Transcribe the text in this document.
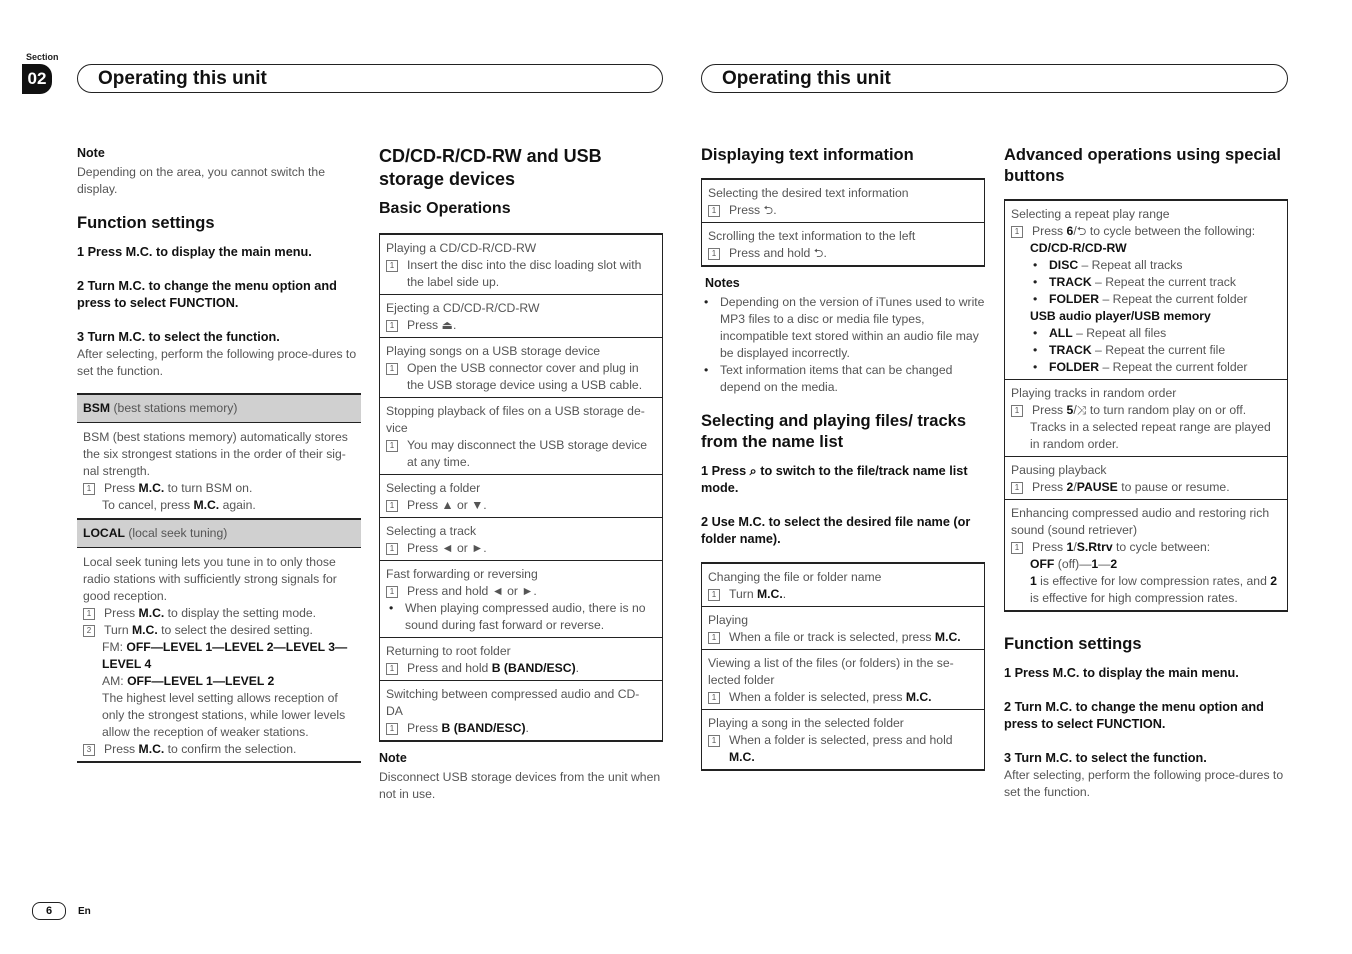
Section
02	Operating this unit	Operating this unit
Note
Depending on the area, you cannot switch the display.
Function settings
1 Press M.C. to display the main menu.
2 Turn M.C. to change the menu option and press to select FUNCTION.
3 Turn M.C. to select the function.
After selecting, perform the following proce-dures to set the function.
BSM (best stations memory)
BSM (best stations memory) automatically stores the six strongest stations in the order of their sig-nal strength.
1	Press M.C. to turn BSM on.
To cancel, press M.C. again.
LOCAL (local seek tuning)
Local seek tuning lets you tune in to only those radio stations with sufficiently strong signals for good reception.
1	Press M.C. to display the setting mode.
2	Turn M.C. to select the desired setting.
FM: OFF—LEVEL 1—LEVEL 2—LEVEL 3— LEVEL 4
AM: OFF—LEVEL 1—LEVEL 2
The highest level setting allows reception of only the strongest stations, while lower levels allow the reception of weaker stations.
3	Press M.C. to confirm the selection.
CD/CD-R/CD-RW and USB storage devices
Basic Operations
Playing a CD/CD-R/CD-RW
1	Insert the disc into the disc loading slot with the label side up.
Ejecting a CD/CD-R/CD-RW
1	Press ⏏.
Playing songs on a USB storage device
1	Open the USB connector cover and plug in the USB storage device using a USB cable.
Stopping playback of files on a USB storage de-vice
1	You may disconnect the USB storage device at any time.
Selecting a folder
1	Press ▲ or ▼.
Selecting a track
1	Press ◄ or ►.
Fast forwarding or reversing
1	Press and hold ◄ or ►.
• When playing compressed audio, there is no sound during fast forward or reverse.
Returning to root folder
1	Press and hold B (BAND/ESC).
Switching between compressed audio and CD-DA
1	Press B (BAND/ESC).
Note
Disconnect USB storage devices from the unit when not in use.
Displaying text information
Selecting the desired text information
1	Press ⮌.
Scrolling the text information to the left
1	Press and hold ⮌.
Notes
• Depending on the version of iTunes used to write MP3 files to a disc or media file types, incompatible text stored within an audio file may be displayed incorrectly.
• Text information items that can be changed depend on the media.
Selecting and playing files/ tracks from the name list
1 Press ⌕ to switch to the file/track name list mode.
2 Use M.C. to select the desired file name (or folder name).
Changing the file or folder name
1	Turn M.C..
Playing
1	When a file or track is selected, press M.C.
Viewing a list of the files (or folders) in the se-lected folder
1	When a folder is selected, press M.C.
Playing a song in the selected folder
1	When a folder is selected, press and hold M.C.
Advanced operations using special buttons
Selecting a repeat play range
1	Press 6/⮌ to cycle between the following:
CD/CD-R/CD-RW
• DISC – Repeat all tracks
• TRACK – Repeat the current track
• FOLDER – Repeat the current folder
USB audio player/USB memory
• ALL – Repeat all files
• TRACK – Repeat the current file
• FOLDER – Repeat the current folder
Playing tracks in random order
1	Press 5/⤨ to turn random play on or off.
Tracks in a selected repeat range are played in random order.
Pausing playback
1	Press 2/PAUSE to pause or resume.
Enhancing compressed audio and restoring rich sound (sound retriever)
1	Press 1/S.Rtrv to cycle between:
OFF (off)—1—2
1 is effective for low compression rates, and 2 is effective for high compression rates.
Function settings
1 Press M.C. to display the main menu.
2 Turn M.C. to change the menu option and press to select FUNCTION.
3 Turn M.C. to select the function.
After selecting, perform the following proce-dures to set the function.
6	En
